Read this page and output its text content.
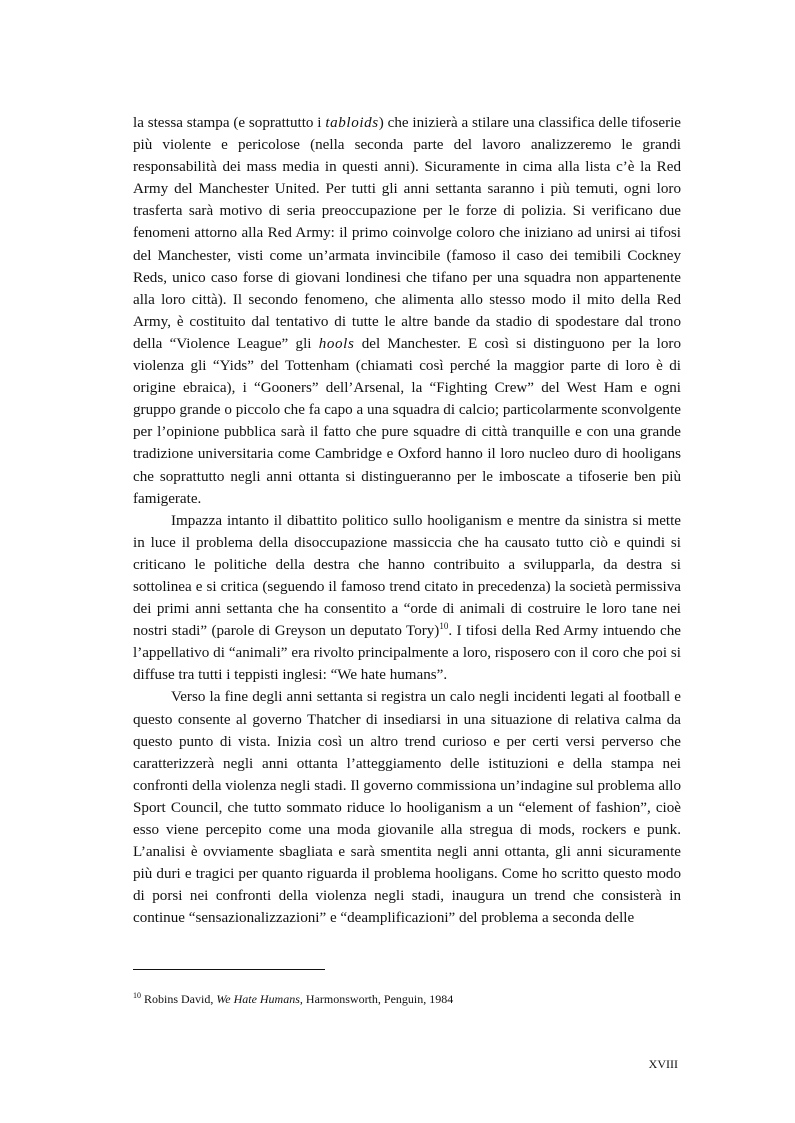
la stessa stampa (e soprattutto i tabloids) che inizierà a stilare una classifica delle tifoserie più violente e pericolose (nella seconda parte del lavoro analizzeremo le grandi responsabilità dei mass media in questi anni). Sicuramente in cima alla lista c’è la Red Army del Manchester United. Per tutti gli anni settanta saranno i più temuti, ogni loro trasferta sarà motivo di seria preoccupazione per le forze di polizia. Si verificano due fenomeni attorno alla Red Army: il primo coinvolge coloro che iniziano ad unirsi ai tifosi del Manchester, visti come un’armata invincibile (famoso il caso dei temibili Cockney Reds, unico caso forse di giovani londinesi che tifano per una squadra non appartenente alla loro città). Il secondo fenomeno, che alimenta allo stesso modo il mito della Red Army, è costituito dal tentativo di tutte le altre bande da stadio di spodestare dal trono della “Violence League” gli hools del Manchester. E così si distinguono per la loro violenza gli “Yids” del Tottenham (chiamati così perché la maggior parte di loro è di origine ebraica), i “Gooners” dell’Arsenal, la “Fighting Crew” del West Ham e ogni gruppo grande o piccolo che fa capo a una squadra di calcio; particolarmente sconvolgente per l’opinione pubblica sarà il fatto che pure squadre di città tranquille e con una grande tradizione universitaria come Cambridge e Oxford hanno il loro nucleo duro di hooligans che soprattutto negli anni ottanta si distingueranno per le imboscate a tifoserie ben più famigerate.

Impazza intanto il dibattito politico sullo hooliganism e mentre da sinistra si mette in luce il problema della disoccupazione massiccia che ha causato tutto ciò e quindi si criticano le politiche della destra che hanno contribuito a svilupparla, da destra si sottolinea e si critica (seguendo il famoso trend citato in precedenza) la società permissiva dei primi anni settanta che ha consentito a “orde di animali di costruire le loro tane nei nostri stadi” (parole di Greyson un deputato Tory)$^{10}$. I tifosi della Red Army intuendo che l’appellativo di “animali” era rivolto principalmente a loro, risposero con il coro che poi si diffuse tra tutti i teppisti inglesi: “We hate humans”.

Verso la fine degli anni settanta si registra un calo negli incidenti legati al football e questo consente al governo Thatcher di insediarsi in una situazione di relativa calma da questo punto di vista. Inizia così un altro trend curioso e per certi versi perverso che caratterizzerà negli anni ottanta l’atteggiamento delle istituzioni e della stampa nei confronti della violenza negli stadi. Il governo commissiona un’indagine sul problema allo Sport Council, che tutto sommato riduce lo hooliganism a un “element of fashion”, cioè esso viene percepito come una moda giovanile alla stregua di mods, rockers e punk. L’analisi è ovviamente sbagliata e sarà smentita negli anni ottanta, gli anni sicuramente più duri e tragici per quanto riguarda il problema hooligans. Come ho scritto questo modo di porsi nei confronti della violenza negli stadi, inaugura un trend che consisterà in continue “sensazionalizzazioni” e “deamplificazioni” del problema a seconda delle

$^{10}$ Robins David, We Hate Humans, Harmonsworth, Penguin, 1984
XVIII
